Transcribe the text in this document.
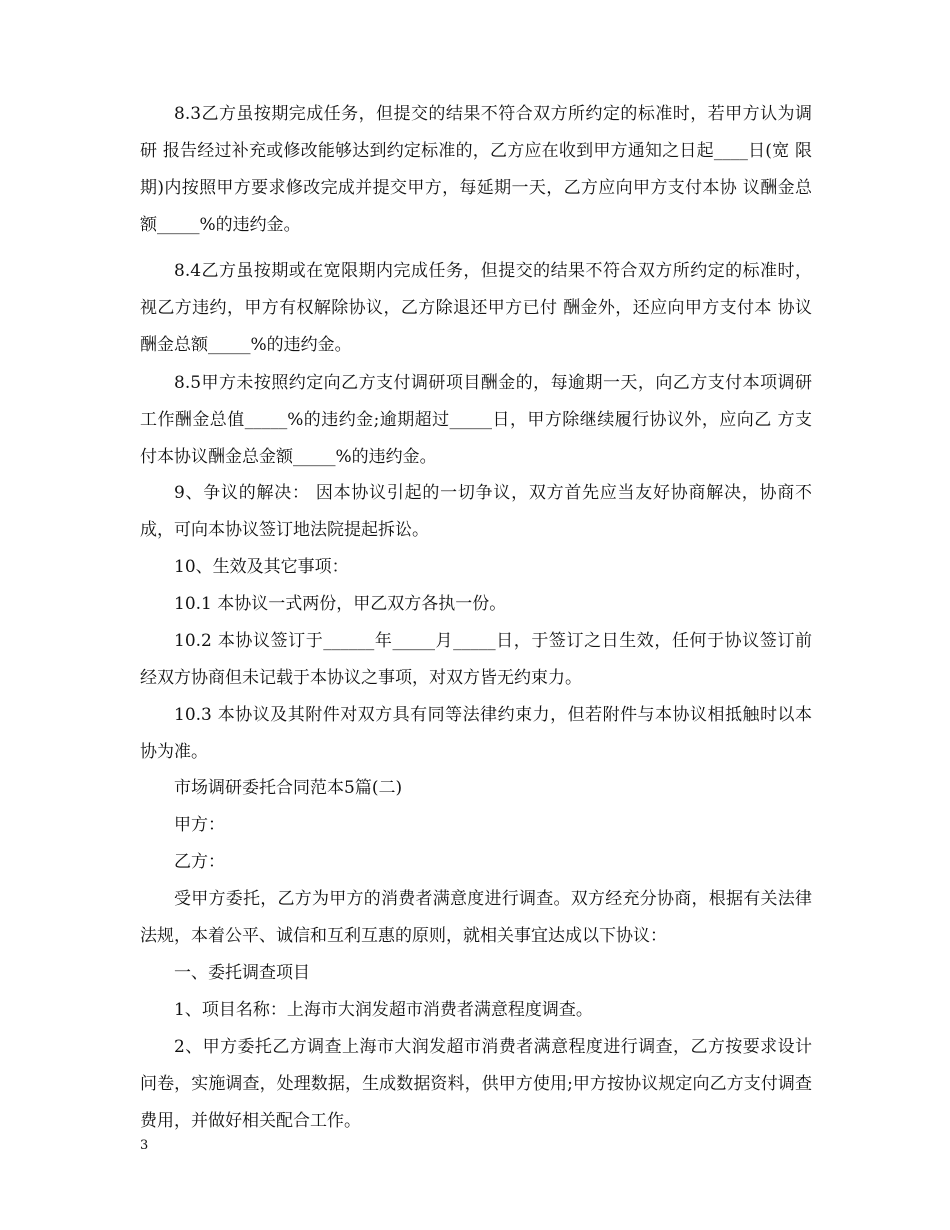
8.3乙方虽按期完成任务，但提交的结果不符合双方所约定的标准时，若甲方认为调研 报告经过补充或修改能够达到约定标准的，乙方应在收到甲方通知之日起____日(宽 限期)内按照甲方要求修改完成并提交甲方，每延期一天，乙方应向甲方支付本协 议酬金总额_____%的违约金。

8.4乙方虽按期或在宽限期内完成任务，但提交的结果不符合双方所约定的标准时，视乙方违约，甲方有权解除协议，乙方除退还甲方已付 酬金外，还应向甲方支付本 协议酬金总额_____%的违约金。

8.5甲方未按照约定向乙方支付调研项目酬金的，每逾期一天，向乙方支付本项调研工作酬金总值_____%的违约金;逾期超过_____日，甲方除继续履行协议外，应向乙 方支付本协议酬金总金额_____%的违约金。

9、争议的解决： 因本协议引起的一切争议，双方首先应当友好协商解决，协商不成，可向本协议签订地法院提起拆讼。

10、生效及其它事项：

10.1 本协议一式两份，甲乙双方各执一份。

10.2 本协议签订于______年_____月_____日，于签订之日生效，任何于协议签订前经双方协商但未记载于本协议之事项，对双方皆无约束力。

10.3 本协议及其附件对双方具有同等法律约束力，但若附件与本协议相抵触时以本协为准。

市场调研委托合同范本5篇(二)

甲方：

乙方：

受甲方委托，乙方为甲方的消费者满意度进行调查。双方经充分协商，根据有关法律法规，本着公平、诚信和互利互惠的原则，就相关事宜达成以下协议：

一、委托调查项目

1、项目名称：上海市大润发超市消费者满意程度调查。

2、甲方委托乙方调查上海市大润发超市消费者满意程度进行调查，乙方按要求设计问卷，实施调查，处理数据，生成数据资料，供甲方使用;甲方按协议规定向乙方支付调查费用，并做好相关配合工作。

3
